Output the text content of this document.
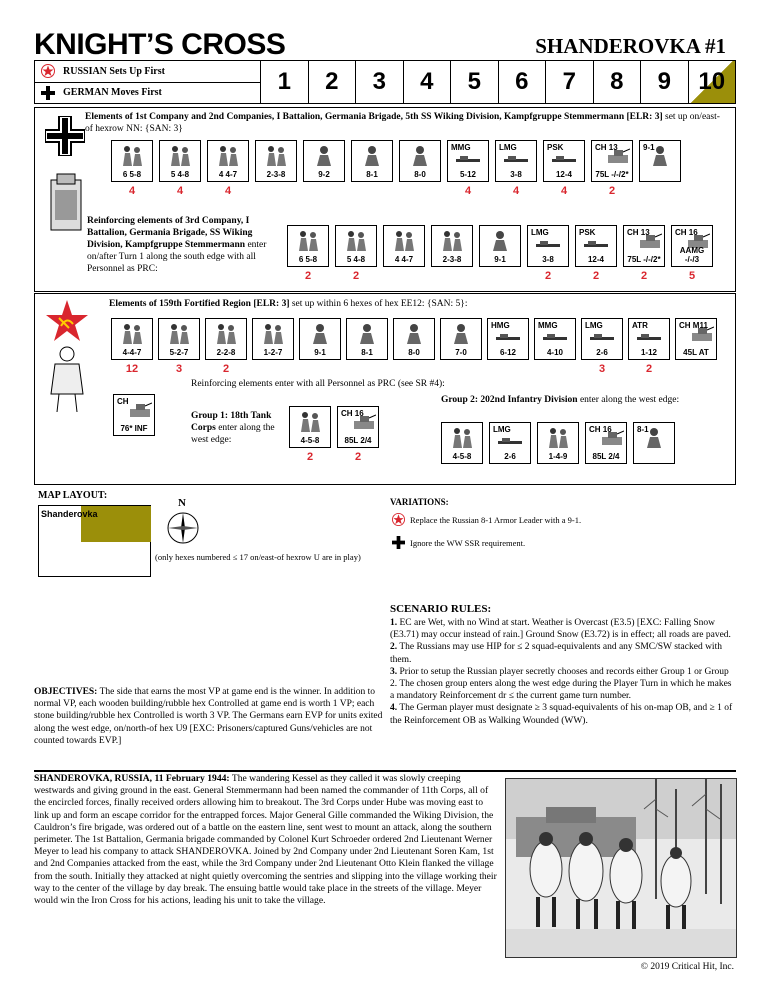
KNIGHT’S CROSS	SHANDEROVKA #1
RUSSIAN Sets Up First
GERMAN Moves First	1	2	3	4	5	6	7	8	9	10
Elements of 1st Company and 2nd Companies, I Battalion, Germania Brigade, 5th SS Wiking Division, Kampfgruppe Stemmermann [ELR: 3] set up on/east-of hexrow NN: {SAN: 3}
6 5-8
4
5 4-8
4
4 4-7
4
2-3-8	9-2	8-1	8-0
MMG
5-12
4
LMG
3-8
4
PSK
12-4
4
CH 13
75L -/-/2*
2
9-1
Reinforcing elements of 3rd Company, I Battalion, Germania Brigade, SS Wiking Division, Kampfgruppe Stemmermann enter on/after Turn 1 along the south edge with all Personnel as PRC:
6 5-8
2
5 4-8
2
4 4-7	2-3-8	9-1
LMG
3-8
2
PSK
12-4
2
CH 13
75L -/-/2*
2
CH 16
AAMG -/-/3
5
Elements of 159th Fortified Region [ELR: 3] set up within 6 hexes of hex EE12: {SAN: 5}:
4-4-7
12
5-2-7
3
2-2-8
2
1-2-7	9-1	8-1	8-0	7-0
HMG
6-12
MMG
4-10
LMG
2-6
3
ATR
1-12
2
CH M11
45L AT
Reinforcing elements enter with all Personnel as PRC (see SR #4):
CH
76* INF
Group 1: 18th Tank Corps enter along the west edge:	4-5-8
2
CH 16
85L 2/4
2
Group 2: 202nd Infantry Division enter along the west edge:
4-5-8
LMG
2-6	1-4-9
CH 16
85L 2/4
8-1
MAP LAYOUT:
Shanderovka
N
(only hexes numbered ≤ 17 on/east-of hexrow U are in play)
VARIATIONS:
Replace the Russian 8-1 Armor Leader with a 9-1.
Ignore the WW SSR requirement.
SCENARIO RULES:

1. EC are Wet, with no Wind at start. Weather is Overcast (E3.5) [EXC: Falling Snow (E3.71) may occur instead of rain.] Ground Snow (E3.72) is in effect; all roads are paved.

2. The Russians may use HIP for ≤ 2 squad-equivalents and any SMC/SW stacked with them.

3. Prior to setup the Russian player secretly chooses and records either Group 1 or Group 2. The chosen group enters along the west edge during the Player Turn in which he makes a mandatory Reinforcement dr ≤ the current game turn number.

4. The German player must designate ≥ 3 squad-equivalents of his on-map OB, and ≥ 1 of the Reinforcement OB as Walking Wounded (WW).

OBJECTIVES: The side that earns the most VP at game end is the winner. In addition to normal VP, each wooden building/rubble hex Controlled at game end is worth 1 VP; each stone building/rubble hex Controlled is worth 3 VP. The Germans earn EVP for units exited along the west edge, on/north-of hex U9 [EXC: Prisoners/captured Guns/vehicles are not counted towards EVP.]
SHANDEROVKA, RUSSIA, 11 February 1944: The wandering Kessel as they called it was slowly creeping westwards and giving ground in the east. General Stemmermann had been named the commander of 11th Corps, all of the encircled forces, finally received orders allowing him to breakout. The 3rd Corps under Hube was moving east to link up and form an escape corridor for the entrapped forces. Major General Gille commanded the Wiking Division, the Cauldron’s fire brigade, was ordered out of a battle on the eastern line, sent west to mount an attack, along the southern perimeter. The 1st Battalion, Germania brigade commanded by Colonel Kurt Schroeder ordered 2nd Lieutenant Werner Meyer to lead his company to attack SHANDEROVKA. Joined by 2nd Company under 2nd Lieutenant Soren Kam, 1st and 2nd Companies attacked from the east, while the 3rd Company under 2nd Lieutenant Otto Klein flanked the village from the south. Initially they attacked at night quietly overcoming the sentries and slipping into the village working their way to the center of the village by day break. The ensuing battle would take place in the streets of the village. Meyer would win the Iron Cross for his actions, leading his unit to take the village.
© 2019 Critical Hit, Inc.
